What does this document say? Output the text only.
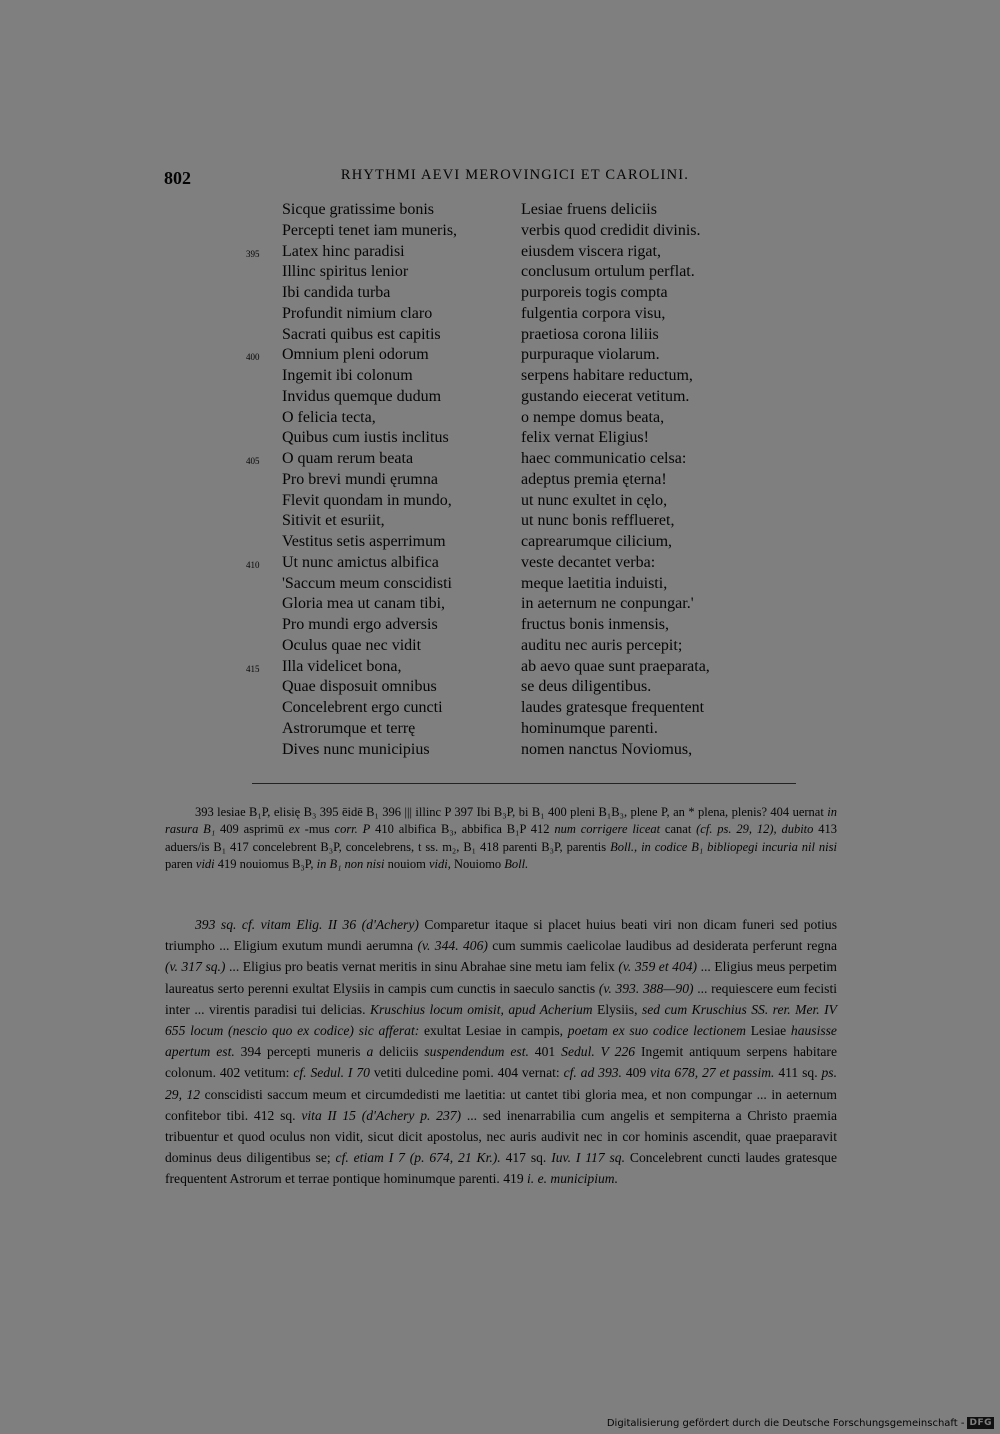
802	RHYTHMI AEVI MEROVINGICI ET CAROLINI.
Sicque gratissime bonis	Lesiae fruens deliciis
Percepti tenet iam muneris,	verbis quod credidit divinis.
395 Latex hinc paradisi	eiusdem viscera rigat,
Illinc spiritus lenior	conclusum ortulum perflat.
Ibi candida turba	purporeis togis compta
Profundit nimium claro	fulgentia corpora visu,
Sacrati quibus est capitis	praetiosa corona liliis
400 Omnium pleni odorum	purpuraque violarum.
Ingemit ibi colonum	serpens habitare reductum,
Invidus quemque dudum	gustando eiecerat vetitum.
O felicia tecta,	o nempe domus beata,
Quibus cum iustis inclitus	felix vernat Eligius!
405 O quam rerum beata	haec communicatio celsa:
Pro brevi mundi ęrumna	adeptus premia ęterna!
Flevit quondam in mundo,	ut nunc exultet in cęlo,
Sitivit et esuriit,	ut nunc bonis refflueret,
Vestitus setis asperrimum	caprearumque cilicium,
410 Ut nunc amictus albifica	veste decantet verba:
'Saccum meum conscidisti	meque laetitia induisti,
Gloria mea ut canam tibi,	in aeternum ne conpungar.'
Pro mundi ergo adversis	fructus bonis inmensis,
Oculus quae nec vidit	auditu nec auris percepit;
415 Illa videlicet bona,	ab aevo quae sunt praeparata,
Quae disposuit omnibus	se deus diligentibus.
Concelebrent ergo cuncti	laudes gratesque frequentent
Astrorumque et terrę	hominumque parenti.
Dives nunc municipius	nomen nanctus Noviomus,
393 lesiae B₁P, elisię B₃ 395 ēidē B₁ 396 ||| illinc P 397 Ibi B₃P, bi B₁ 400 pleni B₁B₃, plene P, an * plena, plenis? 404 uernat in rasura B₁ 409 asprimū ex -mus corr. P 410 albifica B₃, abbifica B₁P 412 num corrigere liceat canat (cf. ps. 29, 12), dubito 413 aduers/is B₁ 417 concelebrent B₃P, concelebrens, t ss. m₂, B₁ 418 parenti B₃P, parentis Boll., in codice B₁ bibliopegi incuria nil nisi paren vidi 419 nouiomus B₃P, in B₁ non nisi nouiom vidi, Nouiomo Boll.
393 sq. cf. vitam Elig. II 36 (d'Achery) Comparetur itaque si placet huius beati viri non dicam funeri sed potius triumpho ... Eligium exutum mundi aerumna (v. 344. 406) cum summis caelicolae laudibus ad desiderata perferunt regna (v. 317 sq.) ... Eligius pro beatis vernat meritis in sinu Abrahae sine metu iam felix (v. 359 et 404) ... Eligius meus perpetim laureatus serto perenni exultat Elysiis in campis cum cunctis in saeculo sanctis (v. 393. 388—90) ... requiescere eum fecisti inter ... virentis paradisi tui delicias. Kruschius locum omisit, apud Acherium Elysiis, sed cum Kruschius SS. rer. Mer. IV 655 locum (nescio quo ex codice) sic afferat: exultat Lesiae in campis, poetam ex suo codice lectionem Lesiae hausisse apertum est. 394 percepti muneris a deliciis suspendendum est. 401 Sedul. V 226 Ingemit antiquum serpens habitare colonum. 402 vetitum: cf. Sedul. I 70 vetiti dulcedine pomi. 404 vernat: cf. ad 393. 409 vita 678, 27 et passim. 411 sq. ps. 29, 12 conscidisti saccum meum et circumdedisti me laetitia: ut cantet tibi gloria mea, et non compungar ... in aeternum confitebor tibi. 412 sq. vita II 15 (d'Achery p. 237) ... sed inenarrabilia cum angelis et sempiterna a Christo praemia tribuentur et quod oculus non vidit, sicut dicit apostolus, nec auris audivit nec in cor hominis ascendit, quae praeparavit dominus deus diligentibus se; cf. etiam I 7 (p. 674, 21 Kr.). 417 sq. Iuv. I 117 sq. Concelebrent cuncti laudes gratesque frequentent Astrorum et terrae pontique hominumque parenti. 419 i. e. municipium.
Digitalisierung gefördert durch die Deutsche Forschungsgemeinschaft - DFG
